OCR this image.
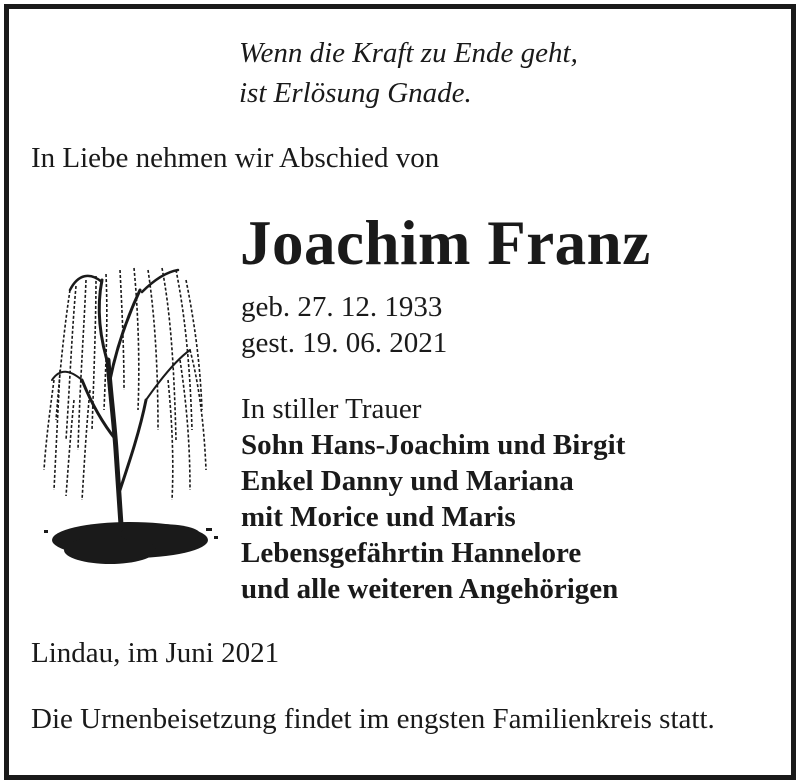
Wenn die Kraft zu Ende geht,
ist Erlösung Gnade.
In Liebe nehmen wir Abschied von
Joachim Franz
geb. 27. 12. 1933
gest. 19. 06. 2021
In stiller Trauer
Sohn Hans-Joachim und Birgit
Enkel Danny und Mariana
mit Morice und Maris
Lebensgefährtin Hannelore
und alle weiteren Angehörigen
Lindau, im Juni 2021
Die Urnenbeisetzung findet im engsten Familienkreis statt.
